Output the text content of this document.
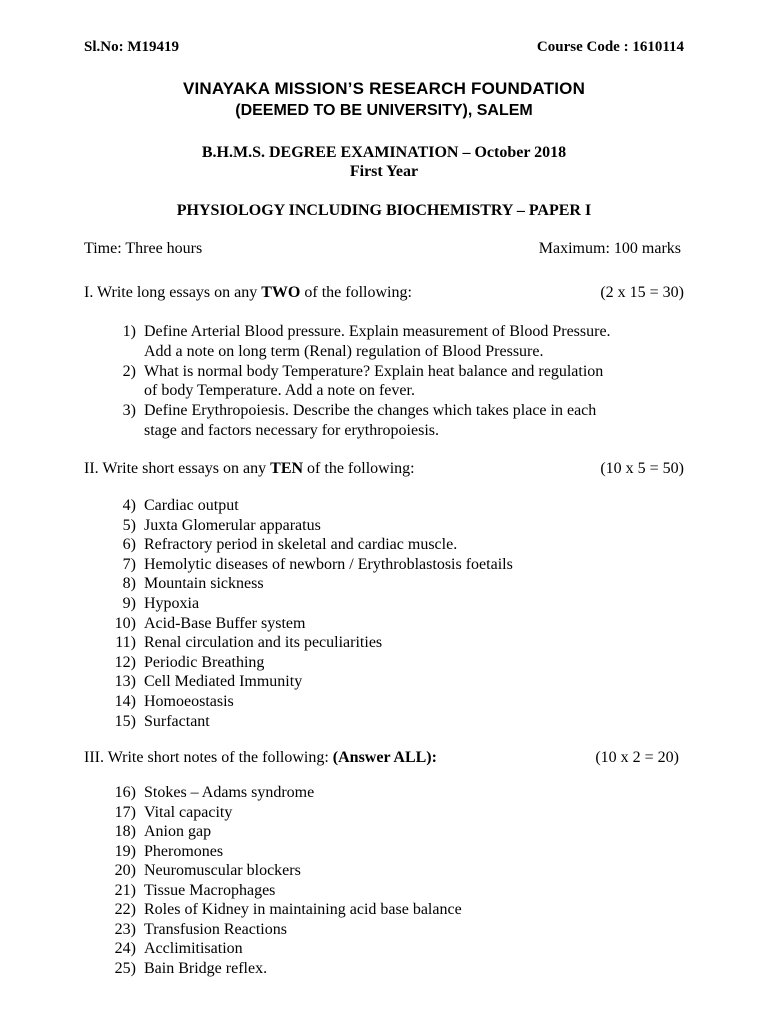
Sl.No: M19419	Course Code : 1610114
VINAYAKA MISSION’S RESEARCH FOUNDATION
(DEEMED TO BE UNIVERSITY), SALEM
B.H.M.S. DEGREE EXAMINATION – October 2018
First Year
PHYSIOLOGY INCLUDING BIOCHEMISTRY – PAPER I
Time: Three hours	Maximum: 100 marks
I. Write long essays on any TWO of the following:	(2 x 15 = 30)
1) Define Arterial Blood pressure. Explain measurement of Blood Pressure.
Add a note on long term (Renal) regulation of Blood Pressure.
2) What is normal body Temperature? Explain heat balance and regulation
of body Temperature. Add a note on fever.
3) Define Erythropoiesis. Describe the changes which takes place in each
stage and factors necessary for erythropoiesis.
II. Write short essays on any TEN of the following:	(10 x 5 = 50)
4) Cardiac output
5) Juxta Glomerular apparatus
6) Refractory period in skeletal and cardiac muscle.
7) Hemolytic diseases of newborn / Erythroblastosis foetails
8) Mountain sickness
9) Hypoxia
10) Acid-Base Buffer system
11) Renal circulation and its peculiarities
12) Periodic Breathing
13) Cell Mediated Immunity
14) Homoeostasis
15) Surfactant
III. Write short notes of the following: (Answer ALL):	(10 x 2 = 20)
16) Stokes – Adams syndrome
17) Vital capacity
18) Anion gap
19) Pheromones
20) Neuromuscular blockers
21) Tissue Macrophages
22) Roles of Kidney in maintaining acid base balance
23) Transfusion Reactions
24) Acclimitisation
25) Bain Bridge reflex.
